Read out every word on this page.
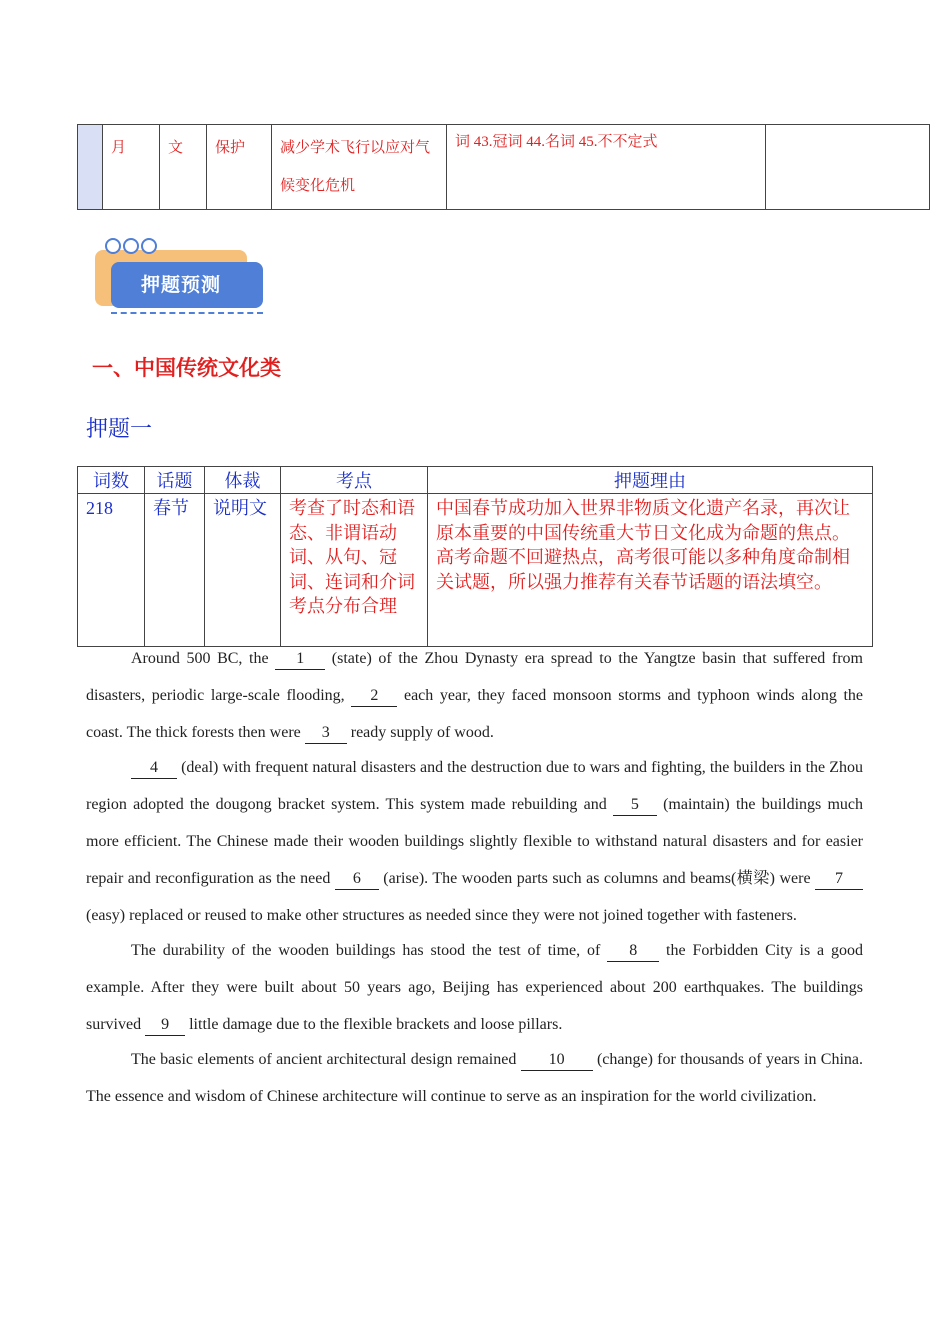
	月	文	保护	减少学术飞行以应对气候变化危机	词 43.冠词 44.名词 45.不不定式	
押题预测
一、中国传统文化类
押题一
词数	话题	体裁	考点	押题理由
218	春节	说明文	考查了时态和语态、非谓语动词、从句、冠词、连词和介词考点分布合理	中国春节成功加入世界非物质文化遗产名录，再次让原本重要的中国传统重大节日文化成为命题的焦点。高考命题不回避热点，高考很可能以多种角度命制相关试题，所以强力推荐有关春节话题的语法填空。

Around 500 BC, the 1 (state) of the Zhou Dynasty era spread to the Yangtze basin that suffered from disasters, periodic large-scale flooding, 2 each year, they faced monsoon storms and typhoon winds along the coast. The thick forests then were 3 ready supply of wood.

4 (deal) with frequent natural disasters and the destruction due to wars and fighting, the builders in the Zhou region adopted the dougong bracket system. This system made rebuilding and 5 (maintain) the buildings much more efficient. The Chinese made their wooden buildings slightly flexible to withstand natural disasters and for easier repair and reconfiguration as the need 6 (arise). The wooden parts such as columns and beams(横梁) were 7 (easy) replaced or reused to make other structures as needed since they were not joined together with fasteners.

The durability of the wooden buildings has stood the test of time, of 8 the Forbidden City is a good example. After they were built about 50 years ago, Beijing has experienced about 200 earthquakes. The buildings survived 9 little damage due to the flexible brackets and loose pillars.

The basic elements of ancient architectural design remained 10 (change) for thousands of years in China. The essence and wisdom of Chinese architecture will continue to serve as an inspiration for the world civilization.
